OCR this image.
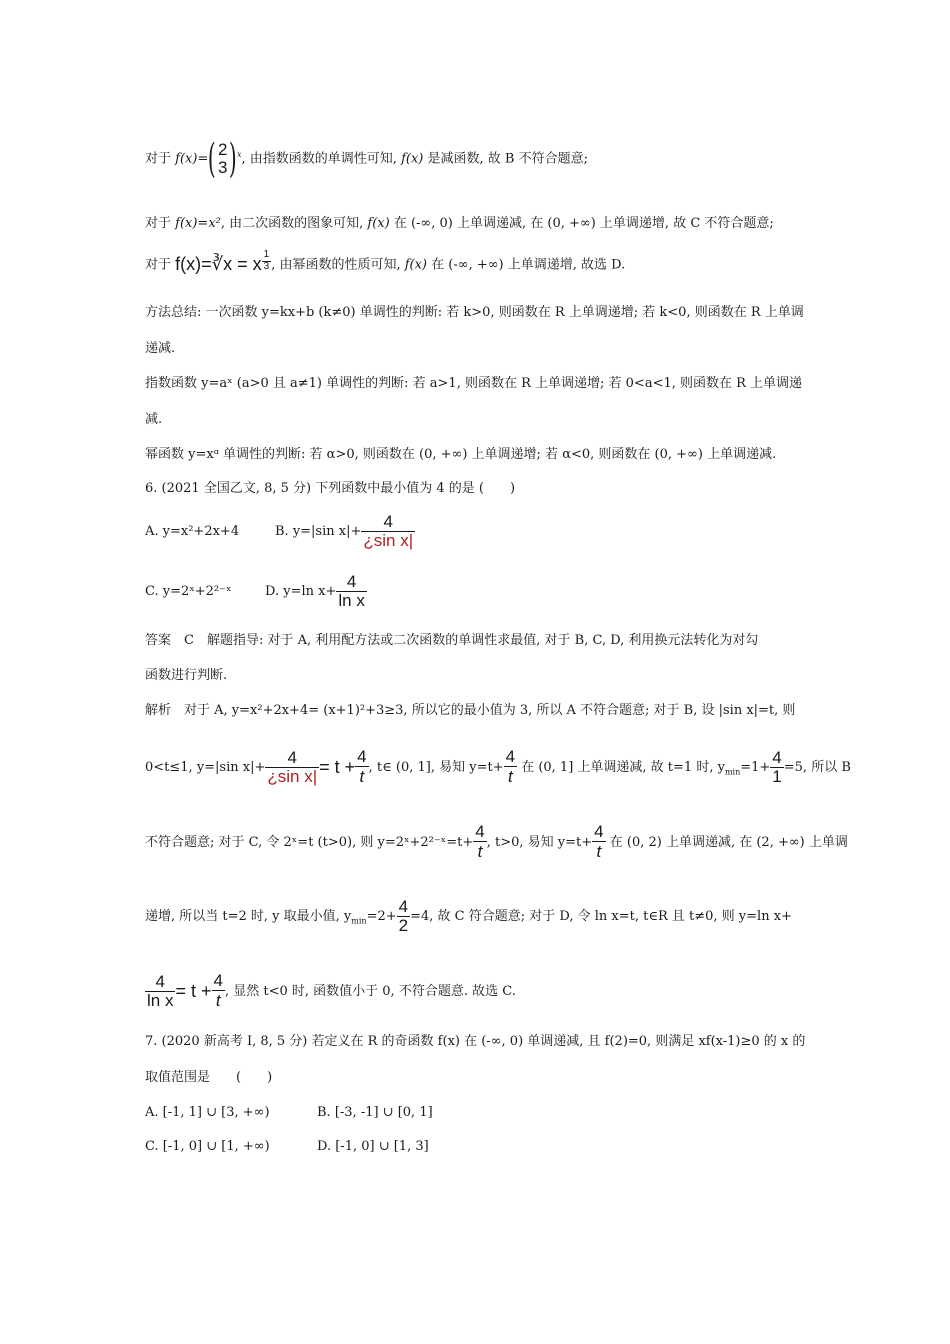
对于 f(x)=( 2
3 )$^x$, 由指数函数的单调性可知, f(x) 是减函数, 故 B 不符合题意;
对于 f(x)=x², 由二次函数的图象可知, f(x) 在 (-∞, 0) 上单调递减, 在 (0, +∞) 上单调递增, 故 C 不符合题意;
对于 f(x)=∛x = x $^{\frac{1}{3}}$ , 由幂函数的性质可知, f(x) 在 (-∞, +∞) 上单调递增, 故选 D.
方法总结: 一次函数 y=kx+b (k≠0) 单调性的判断: 若 k>0, 则函数在 R 上单调递增; 若 k<0, 则函数在 R 上单调
递减.
指数函数 y=aˣ (a>0 且 a≠1) 单调性的判断: 若 a>1, 则函数在 R 上单调递增; 若 0<a<1, 则函数在 R 上单调递
减.
幂函数 y=xᵅ 单调性的判断: 若 α>0, 则函数在 (0, +∞) 上单调递增; 若 α<0, 则函数在 (0, +∞) 上单调递减.
6. (2021 全国乙文, 8, 5 分) 下列函数中最小值为 4 的是 (　　)
A. y=x²+2x+4	B. y=|sin $x|+ \frac{4}{\text{¿sin x|}}$
C. y=2ˣ+2²⁻ˣ	D. y=ln $x+ \frac{4}{\text{ln x}}$
答案　C　解题指导: 对于 A, 利用配方法或二次函数的单调性求最值, 对于 B, C, D, 利用换元法转化为对勾
函数进行判断.
解析　对于 A, y=x²+2x+4= (x+1)²+3≥3, 所以它的最小值为 3, 所以 A 不符合题意; 对于 B, 设 |sin x|=t, 则
0<t≤1, y=|sin $x|+ \frac{4}{\text{¿sin x|}} = t + \frac{4}{t}$, t∈ (0, 1], 易知 $y=t+ \frac{4}{t}$ 在 (0, 1] 上单调递减, 故 t=1 时, $y_{min}=1+ \frac{4}{1} =5$, 所以 B
不符合题意; 对于 C, 令 2ˣ=t (t>0), 则 y=2ˣ+2²⁻ˣ=t+ $\frac{4}{t}$, t>0, 易知 $y=t+ \frac{4}{t}$ 在 (0, 2) 上单调递减, 在 (2, +∞) 上单调
递增, 所以当 t=2 时, y 取最小值, $y_{min}=2+ \frac{4}{2} =4$, 故 C 符合题意; 对于 D, 令 ln x=t, t∈R 且 t≠0, 则 y=ln x+
$\frac{4}{\text{ln x}} = t + \frac{4}{t}$, 显然 t<0 时, 函数值小于 0, 不符合题意. 故选 C.
7. (2020 新高考 Ⅰ, 8, 5 分) 若定义在 R 的奇函数 f(x) 在 (-∞, 0) 单调递减, 且 f(2)=0, 则满足 xf(x-1)≥0 的 x 的
取值范围是　　(　　)
A. [-1, 1] ∪ [3, +∞)	B. [-3, -1] ∪ [0, 1]
C. [-1, 0] ∪ [1, +∞)	D. [-1, 0] ∪ [1, 3]
